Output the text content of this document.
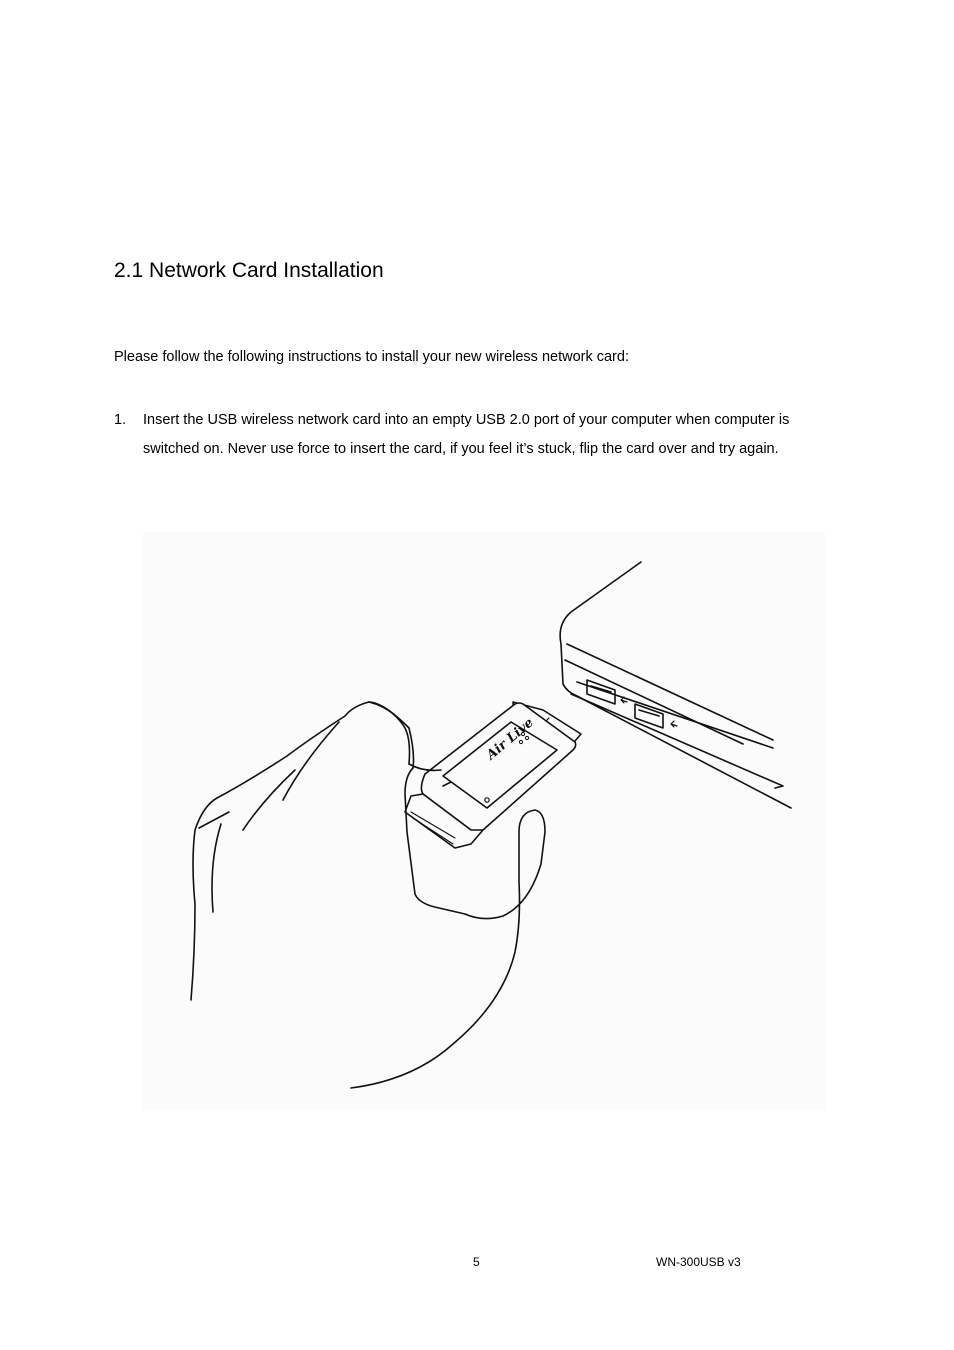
2.1 Network Card Installation

Please follow the following instructions to install your new wireless network card:

1. Insert the USB wireless network card into an empty USB 2.0 port of your computer when computer is switched on. Never use force to insert the card, if you feel it’s stuck, flip the card over and try again.
Air Live
5	WN-300USB v3
